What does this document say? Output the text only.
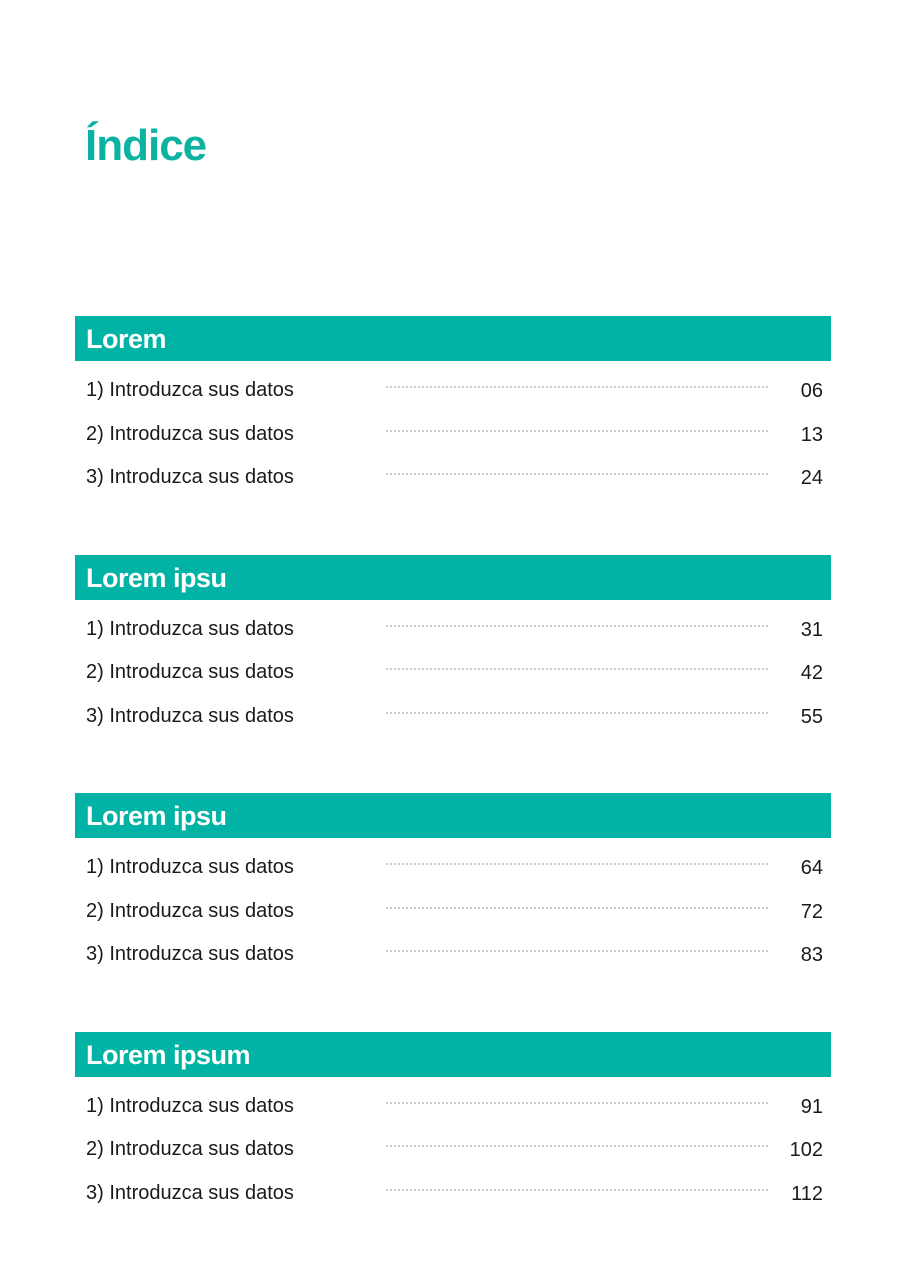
Índice
Lorem
1) Introduzca sus datos	06
2) Introduzca sus datos	13
3) Introduzca sus datos	24
Lorem ipsu
1) Introduzca sus datos	31
2) Introduzca sus datos	42
3) Introduzca sus datos	55
Lorem ipsu
1) Introduzca sus datos	64
2) Introduzca sus datos	72
3) Introduzca sus datos	83
Lorem ipsum
1) Introduzca sus datos	91
2) Introduzca sus datos	102
3) Introduzca sus datos	112
